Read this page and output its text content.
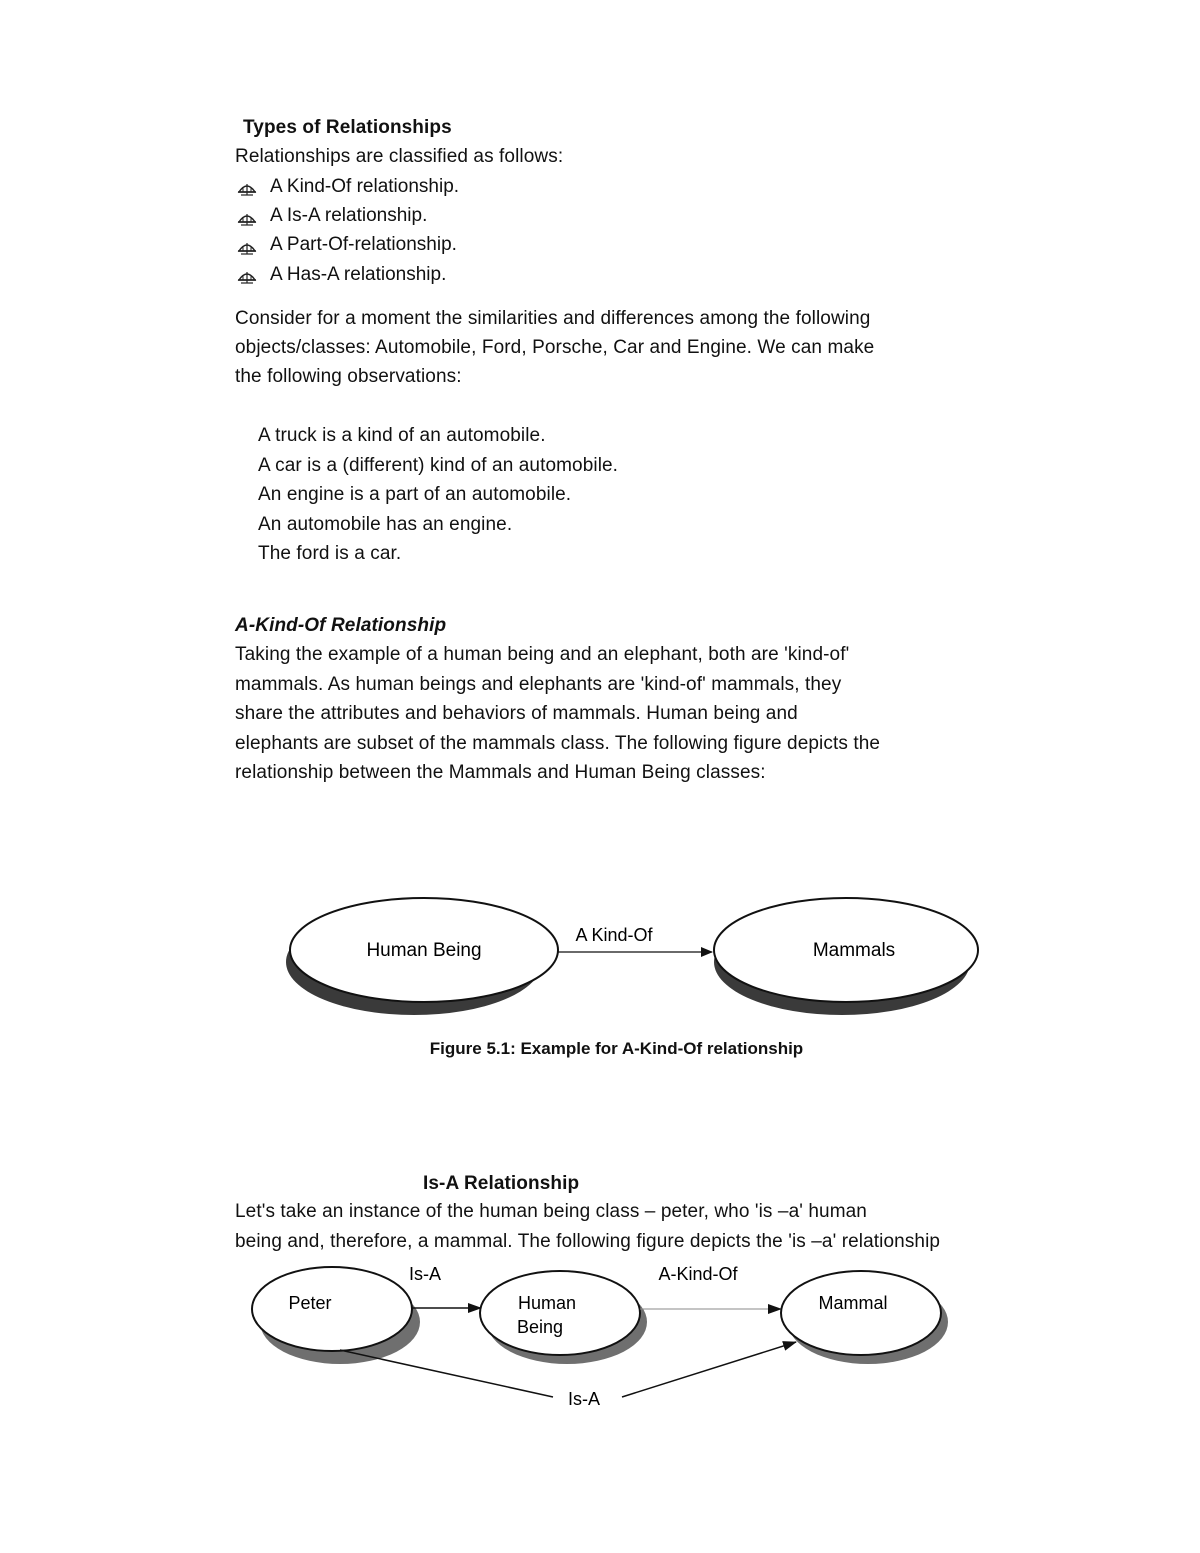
Types of Relationships
Relationships are classified as follows:
A Kind-Of relationship.
A Is-A relationship.
A Part-Of-relationship.
A Has-A relationship.
Consider for a moment the similarities and differences among the following
objects/classes: Automobile, Ford, Porsche, Car and Engine. We can make
the following observations:
A truck is a kind of an automobile.
A car is a (different) kind of an automobile.
An engine is a part of an automobile.
An automobile has an engine.
The ford is a car.
A-Kind-Of Relationship
Taking the example of a human being and an elephant, both are 'kind-of'
mammals. As human beings and elephants are 'kind-of' mammals, they
share the attributes and behaviors of mammals. Human being and
elephants are subset of the mammals class. The following figure depicts the
relationship between the Mammals and Human Being classes:
Human Being	Mammals
A Kind-Of
Figure 5.1: Example for A-Kind-Of relationship
Is-A Relationship
Let's take an instance of the human being class – peter, who 'is –a' human
being and, therefore, a mammal. The following figure depicts the 'is –a' relationship
Peter	Human
Being
Mammal
Is-A	A-Kind-Of
Is-A
